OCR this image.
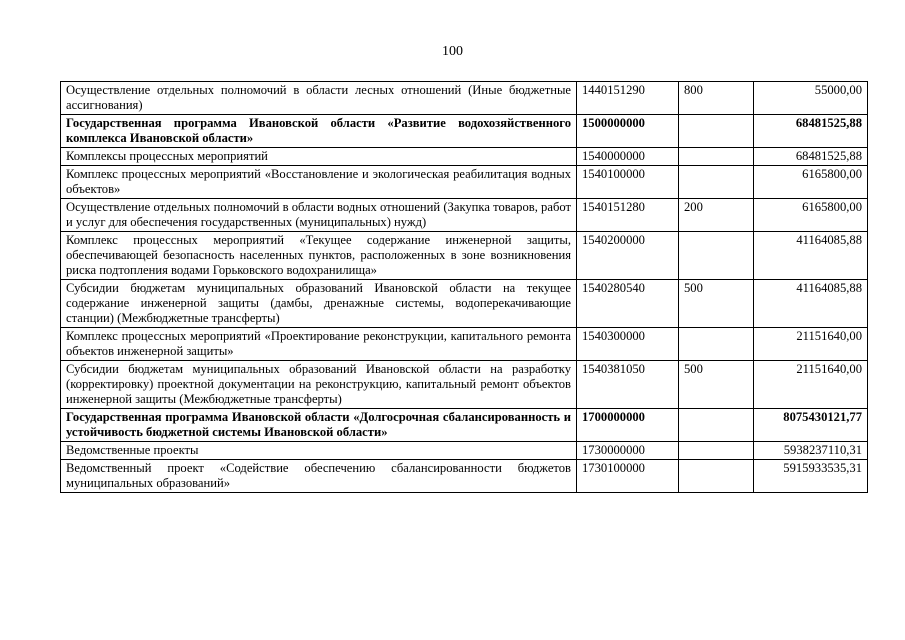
100
Осуществление отдельных полномочий в области лесных отношений (Иные бюджетные ассигнования)	1440151290	800	55000,00
Государственная программа Ивановской области «Развитие водохозяйственного комплекса Ивановской области»	1500000000		68481525,88
Комплексы процессных мероприятий	1540000000		68481525,88
Комплекс процессных мероприятий «Восстановление и экологическая реабилитация водных объектов»	1540100000		6165800,00
Осуществление отдельных полномочий в области водных отношений (Закупка товаров, работ и услуг для обеспечения государственных (муниципальных) нужд)	1540151280	200	6165800,00
Комплекс процессных мероприятий «Текущее содержание инженерной защиты, обеспечивающей безопасность населенных пунктов, расположенных в зоне возникновения риска подтопления водами Горьковского водохранилища»	1540200000		41164085,88
Субсидии бюджетам муниципальных образований Ивановской области на текущее содержание инженерной защиты (дамбы, дренажные системы, водоперекачивающие станции) (Межбюджетные трансферты)	1540280540	500	41164085,88
Комплекс процессных мероприятий «Проектирование реконструкции, капитального ремонта объектов инженерной защиты»	1540300000		21151640,00
Субсидии бюджетам муниципальных образований Ивановской области на разработку (корректировку) проектной документации на реконструкцию, капитальный ремонт объектов инженерной защиты (Межбюджетные трансферты)	1540381050	500	21151640,00
Государственная программа Ивановской области «Долгосрочная сбалансированность и устойчивость бюджетной системы Ивановской области»	1700000000		8075430121,77
Ведомственные проекты	1730000000		5938237110,31
Ведомственный проект «Содействие обеспечению сбалансированности бюджетов муниципальных образований»	1730100000		5915933535,31
